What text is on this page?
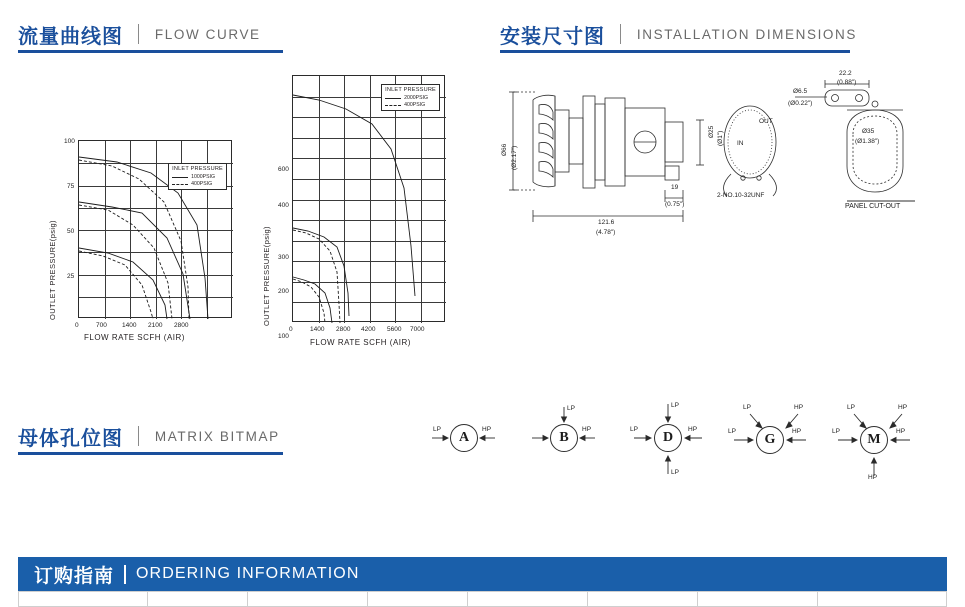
流量曲线图 FLOW CURVE	安装尺寸图 INSTALLATION DIMENSIONS
OUTLET PRESSURE(psig)
100
75
50
25
INLET PRESSURE
1000PSIG
400PSIG
0	700 1400 2100 2800
FLOW RATE SCFH (AIR)
OUTLET PRESSURE(psig)
600
400
300
200
100
INLET PRESSURE
2000PSIG
400PSIG
0	1400 2800 4200 5600 7000
FLOW RATE SCFH (AIR)
Ø66 (Ø2.17")
Ø6.5
(Ø0.22")
22.2
(0.88")
Ø35
(Ø1.38")
121.6
(4.78")
19
(0.75")
Ø25 (Ø1")
2-NO.10-32UNF
PANEL CUT-OUT
IN
OUT
母体孔位图 MATRIX BITMAP	A
LP	HP
B
LP
HP
D
LP
LP
LP	HP
G
LP	HP
LP	HP
M
LP	HP
LP	HP
HP
订购指南 ORDERING INFORMATION
